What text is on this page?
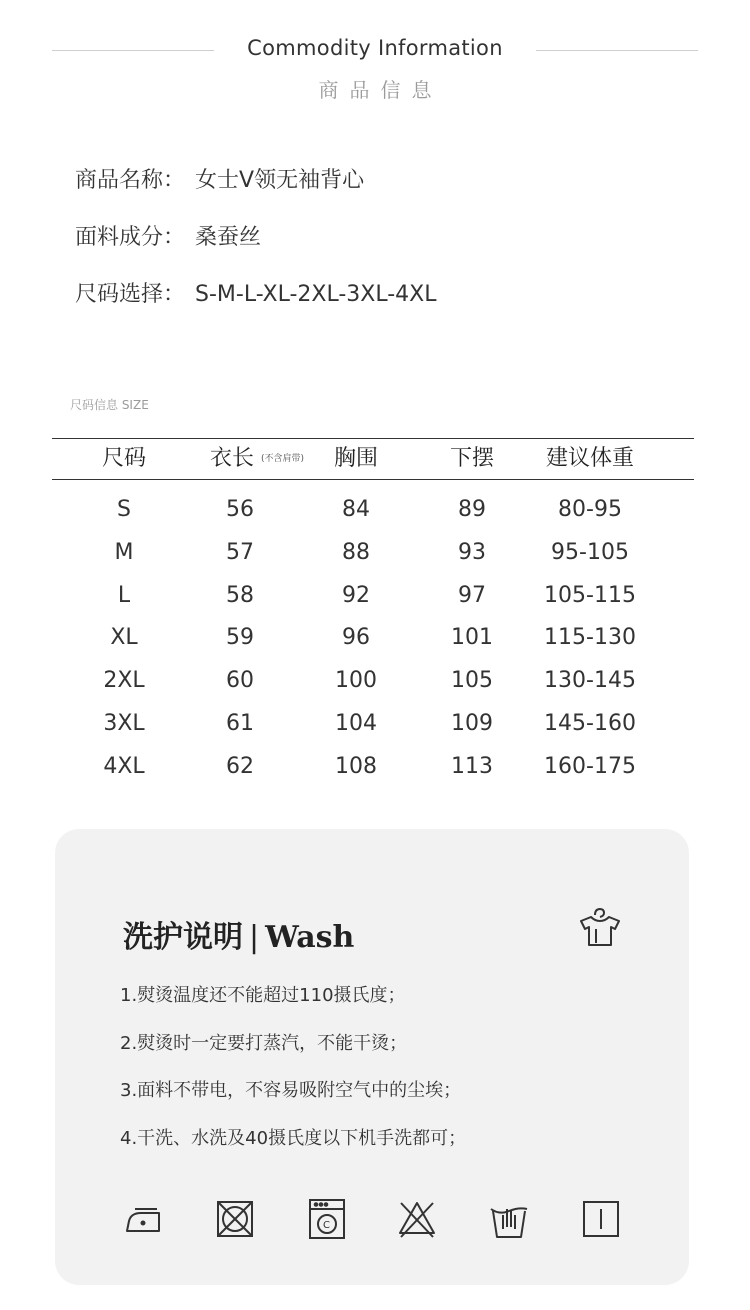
Commodity Information
商品信息
商品名称： 女士V领无袖背心
面料成分： 桑蚕丝
尺码选择： S-M-L-XL-2XL-3XL-4XL
尺码信息 SIZE
尺码	衣长 (不含肩带)	胸围	下摆	建议体重
S	56	84	89	80-95
M	57	88	93	95-105
L	58	92	97	105-115
XL	59	96	101	115-130
2XL	60	100	105	130-145
3XL	61	104	109	145-160
4XL	62	108	113	160-175
洗护说明 | Wash
1.熨烫温度还不能超过110摄氏度；
2.熨烫时一定要打蒸汽，不能干烫；
3.面料不带电，不容易吸附空气中的尘埃；
4.干洗、水洗及40摄氏度以下机手洗都可；
C
